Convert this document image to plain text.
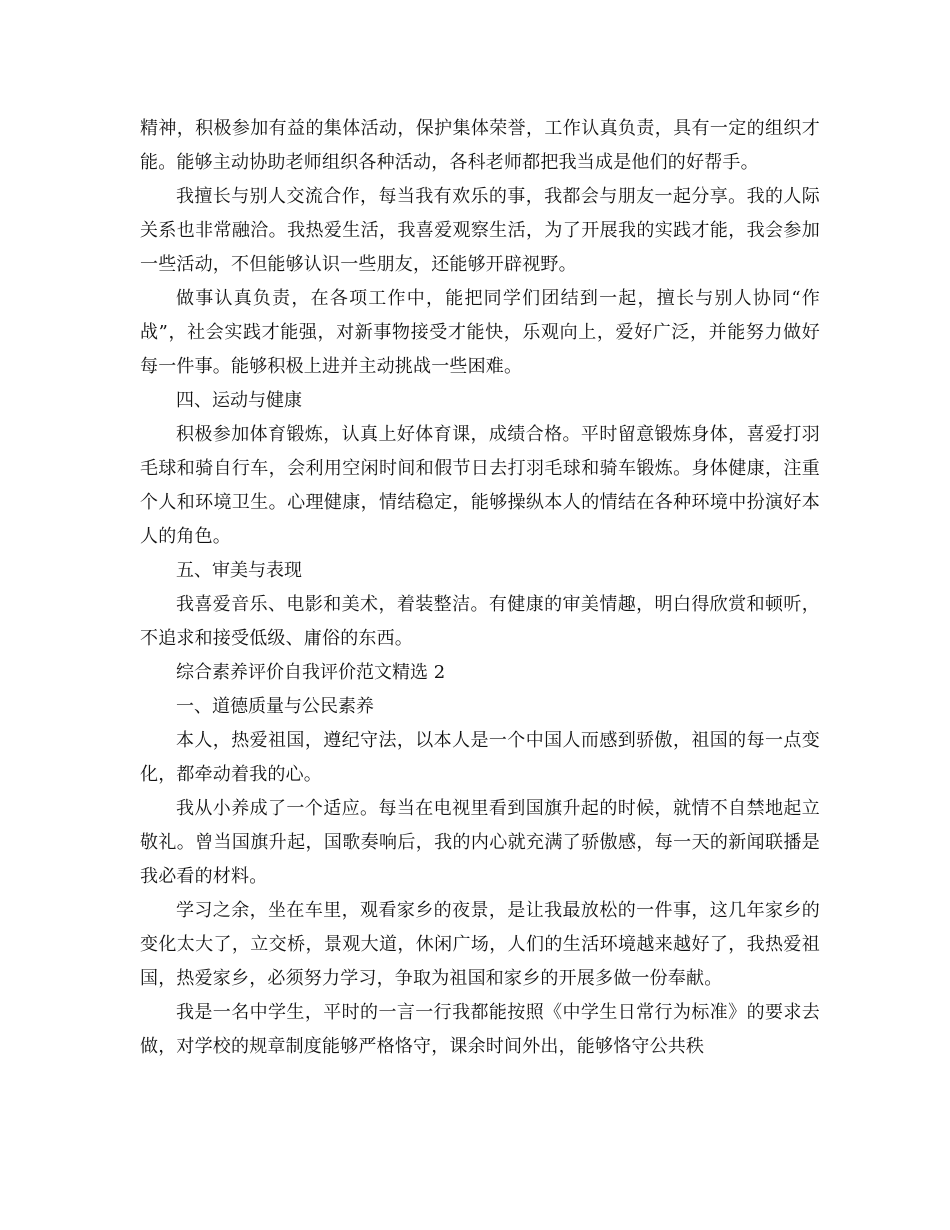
精神，积极参加有益的集体活动，保护集体荣誉，工作认真负责，具有一定的组织才能。能够主动协助老师组织各种活动，各科老师都把我当成是他们的好帮手。

我擅长与别人交流合作，每当我有欢乐的事，我都会与朋友一起分享。我的人际关系也非常融洽。我热爱生活，我喜爱观察生活，为了开展我的实践才能，我会参加一些活动，不但能够认识一些朋友，还能够开辟视野。

做事认真负责，在各项工作中，能把同学们团结到一起，擅长与别人协同“作战”，社会实践才能强，对新事物接受才能快，乐观向上，爱好广泛，并能努力做好每一件事。能够积极上进并主动挑战一些困难。

四、运动与健康

积极参加体育锻炼，认真上好体育课，成绩合格。平时留意锻炼身体，喜爱打羽毛球和骑自行车，会利用空闲时间和假节日去打羽毛球和骑车锻炼。身体健康，注重个人和环境卫生。心理健康，情结稳定，能够操纵本人的情结在各种环境中扮演好本人的角色。

五、审美与表现

我喜爱音乐、电影和美术，着装整洁。有健康的审美情趣，明白得欣赏和顿听，不追求和接受低级、庸俗的东西。

综合素养评价自我评价范文精选 2

一、道德质量与公民素养

本人，热爱祖国，遵纪守法，以本人是一个中国人而感到骄傲，祖国的每一点变化，都牵动着我的心。

我从小养成了一个适应。每当在电视里看到国旗升起的时候，就情不自禁地起立敬礼。曾当国旗升起，国歌奏响后，我的内心就充满了骄傲感，每一天的新闻联播是我必看的材料。

学习之余，坐在车里，观看家乡的夜景，是让我最放松的一件事，这几年家乡的变化太大了，立交桥，景观大道，休闲广场，人们的生活环境越来越好了，我热爱祖国，热爱家乡，必须努力学习，争取为祖国和家乡的开展多做一份奉献。

我是一名中学生，平时的一言一行我都能按照《中学生日常行为标准》的要求去做，对学校的规章制度能够严格恪守，课余时间外出，能够恪守公共秩
